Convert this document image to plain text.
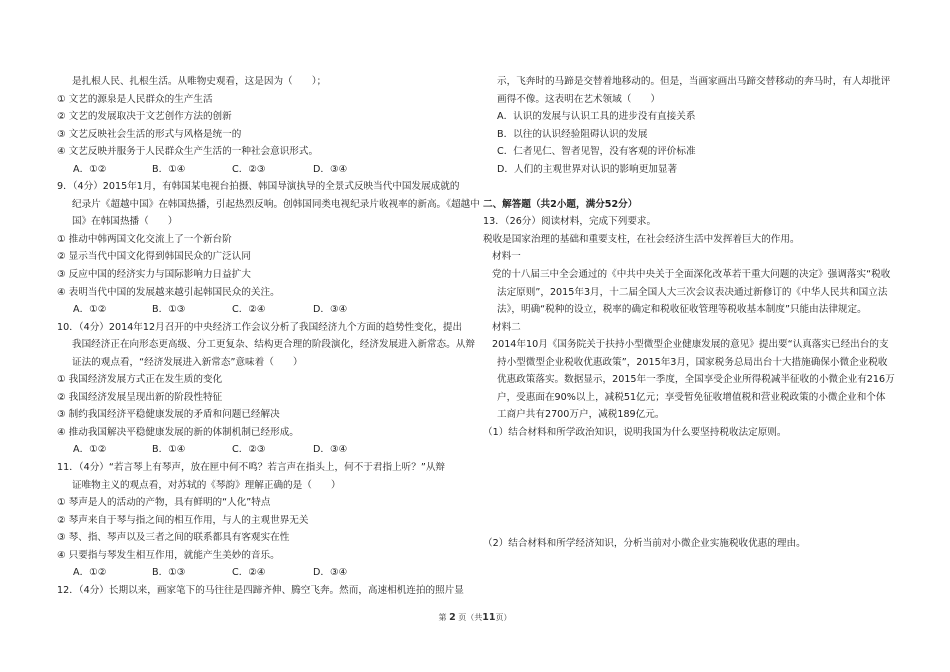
是扎根人民、扎根生活。从唯物史观看，这是因为（　　）；
① 文艺的源泉是人民群众的生产生活
② 文艺的发展取决于文艺创作方法的创新
③ 文艺反映社会生活的形式与风格是统一的
④ 文艺反映并服务于人民群众生产生活的一种社会意识形式。
A．①②	B．①④	C．②③	D．③④
9．（4分）2015年1月，有韩国某电视台拍摄、韩国导演执导的全景式反映当代中国发展成就的
纪录片《超越中国》在韩国热播，引起热烈反响。创韩国同类电视纪录片收视率的新高。《超越中
国》在韩国热播（　　）
① 推动中韩两国文化交流上了一个新台阶
② 显示当代中国文化得到韩国民众的广泛认同
③ 反应中国的经济实力与国际影响力日益扩大
④ 表明当代中国的发展越来越引起韩国民众的关注。
A．①②	B．①③	C．②④	D．③④
10．（4分）2014年12月召开的中央经济工作会议分析了我国经济九个方面的趋势性变化，提出
我国经济正在向形态更高级、分工更复杂、结构更合理的阶段演化，经济发展进入新常态。从辩
证法的观点看，“经济发展进入新常态”意味着（　　）
① 我国经济发展方式正在发生质的变化
② 我国经济发展呈现出新的阶段性特征
③ 制约我国经济平稳健康发展的矛盾和问题已经解决
④ 推动我国解决平稳健康发展的新的体制机制已经形成。
A．①②	B．①④	C．②③	D．③④
11．（4分）“若言琴上有琴声，放在匣中何不鸣？若言声在指头上，何不于君指上听？”从辩
证唯物主义的观点看，对苏轼的《琴韵》理解正确的是（　　）
① 琴声是人的活动的产物，具有鲜明的“人化”特点
② 琴声来自于琴与指之间的相互作用，与人的主观世界无关
③ 琴、指、琴声以及三者之间的联系都具有客观实在性
④ 只要指与琴发生相互作用，就能产生美妙的音乐。
A．①②	B．①③	C．②④	D．③④
12．（4分）长期以来，画家笔下的马往往是四蹄齐伸、腾空飞奔。然而，高速相机连拍的照片显
示，飞奔时的马蹄是交替着地移动的。但是，当画家画出马蹄交替移动的奔马时，有人却批评
画得不像。这表明在艺术领域（　　）
A．认识的发展与认识工具的进步没有直接关系
B．以往的认识经验阻碍认识的发展
C．仁者见仁、智者见智，没有客观的评价标准
D．人们的主观世界对认识的影响更加显著
二、解答题（共2小题，满分52分）
13．（26分）阅读材料，完成下列要求。
税收是国家治理的基础和重要支柱，在社会经济生活中发挥着巨大的作用。
材料一
党的十八届三中全会通过的《中共中央关于全面深化改革若干重大问题的决定》强调落实“税收
法定原则”，2015年3月，十二届全国人大三次会议表决通过新修订的《中华人民共和国立法
法》，明确“税种的设立，税率的确定和税收征收管理等税收基本制度”只能由法律规定。
材料二
2014年10月《国务院关于扶持小型微型企业健康发展的意见》提出要“认真落实已经出台的支
持小型微型企业税收优惠政策”，2015年3月，国家税务总局出台十大措施确保小微企业税收
优惠政策落实。数据显示，2015年一季度，全国享受企业所得税减半征收的小微企业有216万
户，受惠面在90%以上，减税51亿元；享受暂免征收增值税和营业税政策的小微企业和个体
工商户共有2700万户，减税189亿元。
（1）结合材料和所学政治知识，说明我国为什么要坚持税收法定原则。
（2）结合材料和所学经济知识，分析当前对小微企业实施税收优惠的理由。
第 2 页（共11页）
